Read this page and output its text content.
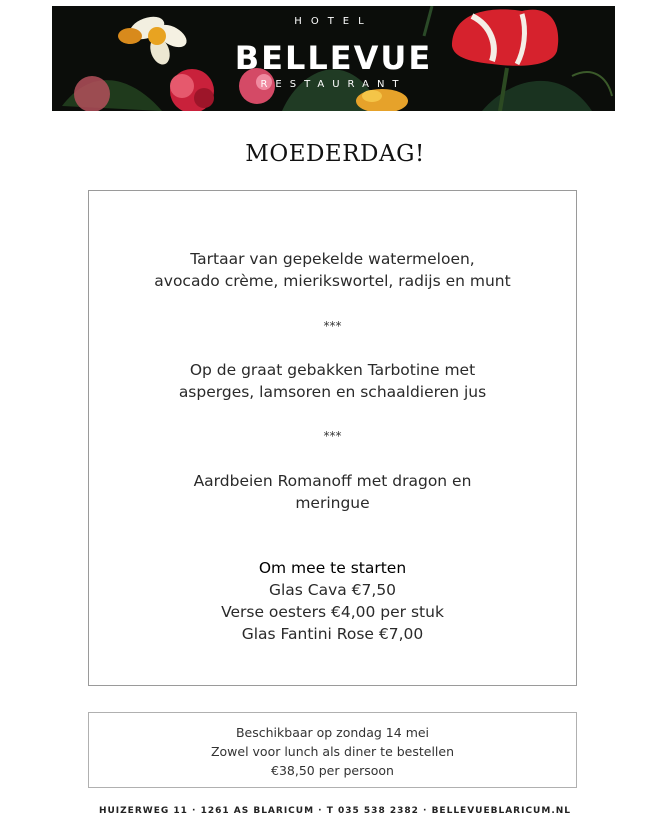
HOTEL
BELLEVUE
RESTAURANT
MOEDERDAG!
Tartaar van gepekelde watermeloen,
avocado crème, mierikswortel, radijs en munt
***
Op de graat gebakken Tarbotine met
asperges, lamsoren en schaaldieren jus
***
Aardbeien Romanoff met dragon en
meringue
Om mee te starten
Glas Cava €7,50
Verse oesters €4,00 per stuk
Glas Fantini Rose €7,00
Beschikbaar op zondag 14 mei
Zowel voor lunch als diner te bestellen
€38,50 per persoon
HUIZERWEG 11 · 1261 AS BLARICUM · T 035 538 2382 · BELLEVUEBLARICUM.NL
